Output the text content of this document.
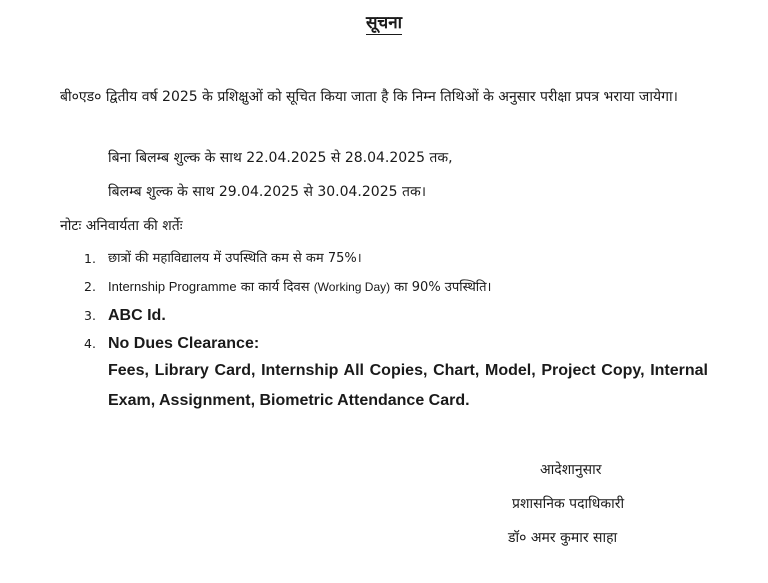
सूचना
बी०एड० द्वितीय वर्ष 2025 के प्रशिक्षुओं को सूचित किया जाता है कि निम्न तिथिओं के अनुसार परीक्षा प्रपत्र भराया जायेगा।
बिना बिलम्ब शुल्क के साथ 22.04.2025 से 28.04.2025 तक,
बिलम्ब शुल्क के साथ 29.04.2025 से 30.04.2025 तक।
नोटः अनिवार्यता की शर्तेः
1. छात्रों की महाविद्यालय में उपस्थिति कम से कम 75%।
2. Internship Programme का कार्य दिवस (Working Day) का 90% उपस्थिति।
3. ABC Id.
4. No Dues Clearance:
Fees, Library Card, Internship All Copies, Chart, Model, Project Copy, Internal Exam, Assignment, Biometric Attendance Card.
आदेशानुसार
प्रशासनिक पदाधिकारी
डॉ० अमर कुमार साहा
